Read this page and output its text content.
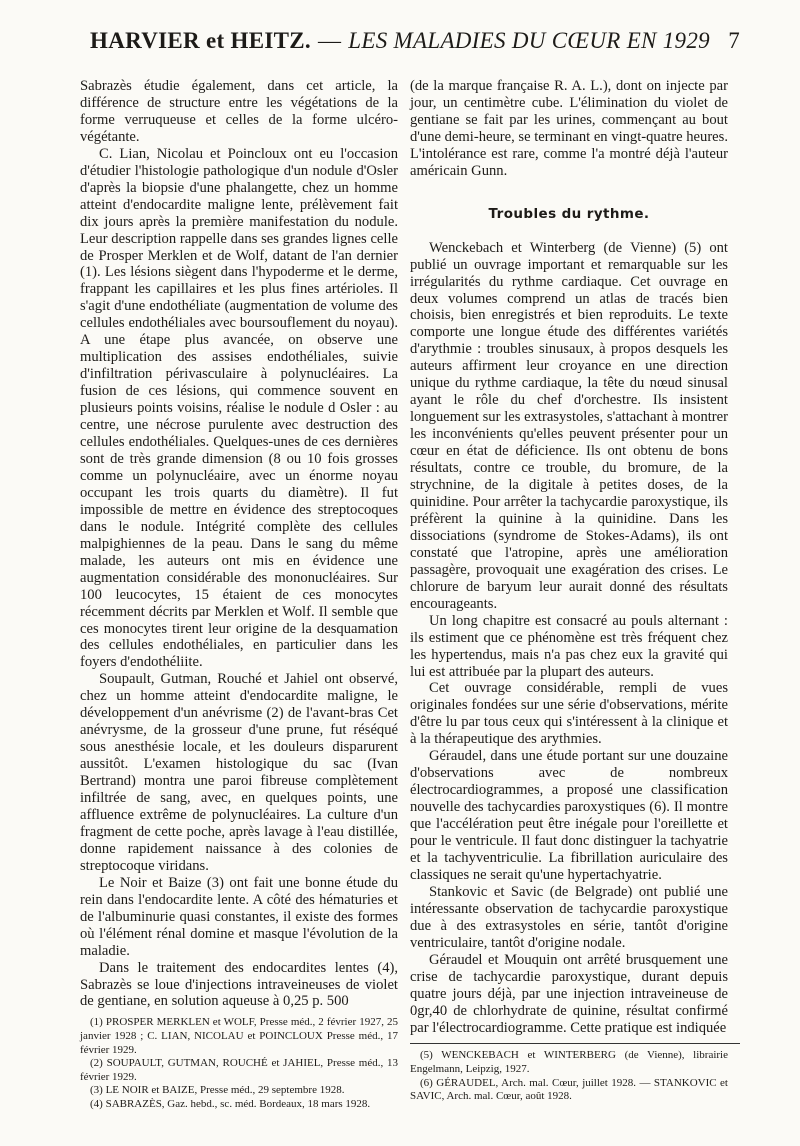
HARVIER et HEITZ. — LES MALADIES DU CŒUR EN 1929 7

Sabrazès étudie également, dans cet article, la différence de structure entre les végétations de la forme verruqueuse et celles de la forme ulcéro-végétante.

C. Lian, Nicolau et Poincloux ont eu l'occasion d'étudier l'histologie pathologique d'un nodule d'Osler d'après la biopsie d'une phalangette, chez un homme atteint d'endocardite maligne lente, prélèvement fait dix jours après la première manifestation du nodule. Leur description rappelle dans ses grandes lignes celle de Prosper Merklen et de Wolf, datant de l'an dernier (1). Les lésions siègent dans l'hypoderme et le derme, frappant les capillaires et les plus fines artérioles. Il s'agit d'une endothéliate (augmentation de volume des cellules endothéliales avec boursouflement du noyau). A une étape plus avancée, on observe une multiplication des assises endothéliales, suivie d'infiltration périvasculaire à polynucléaires. La fusion de ces lésions, qui commence souvent en plusieurs points voisins, réalise le nodule d Osler : au centre, une nécrose purulente avec destruction des cellules endothéliales. Quelques-unes de ces dernières sont de très grande dimension (8 ou 10 fois grosses comme un polynucléaire, avec un énorme noyau occupant les trois quarts du diamètre). Il fut impossible de mettre en évidence des streptocoques dans le nodule. Intégrité complète des cellules malpighiennes de la peau. Dans le sang du même malade, les auteurs ont mis en évidence une augmentation considérable des mononucléaires. Sur 100 leucocytes, 15 étaient de ces monocytes récemment décrits par Merklen et Wolf. Il semble que ces monocytes tirent leur origine de la desquamation des cellules endothéliales, en particulier dans les foyers d'endothéliite.

Soupault, Gutman, Rouché et Jahiel ont observé, chez un homme atteint d'endocardite maligne, le développement d'un anévrisme (2) de l'avant-bras Cet anévrysme, de la grosseur d'une prune, fut réséqué sous anesthésie locale, et les douleurs disparurent aussitôt. L'examen histologique du sac (Ivan Bertrand) montra une paroi fibreuse complètement infiltrée de sang, avec, en quelques points, une affluence extrême de polynucléaires. La culture d'un fragment de cette poche, après lavage à l'eau distillée, donne rapidement naissance à des colonies de streptocoque viridans.

Le Noir et Baize (3) ont fait une bonne étude du rein dans l'endocardite lente. A côté des hématuries et de l'albuminurie quasi constantes, il existe des formes où l'élément rénal domine et masque l'évolution de la maladie.

Dans le traitement des endocardites lentes (4), Sabrazès se loue d'injections intraveineuses de violet de gentiane, en solution aqueuse à 0,25 p. 500

(1) PROSPER MERKLEN et WOLF, Presse méd., 2 février 1927, 25 janvier 1928 ; C. LIAN, NICOLAU et POINCLOUX Presse méd., 17 février 1929.

(2) SOUPAULT, GUTMAN, ROUCHÉ et JAHIEL, Presse méd., 13 février 1929.

(3) LE NOIR et BAIZE, Presse méd., 29 septembre 1928.

(4) SABRAZÈS, Gaz. hebd., sc. méd. Bordeaux, 18 mars 1928.

(de la marque française R. A. L.), dont on injecte par jour, un centimètre cube. L'élimination du violet de gentiane se fait par les urines, commençant au bout d'une demi-heure, se terminant en vingt-quatre heures. L'intolérance est rare, comme l'a montré déjà l'auteur américain Gunn.

Troubles du rythme.

Wenckebach et Winterberg (de Vienne) (5) ont publié un ouvrage important et remarquable sur les irrégularités du rythme cardiaque. Cet ouvrage en deux volumes comprend un atlas de tracés bien choisis, bien enregistrés et bien reproduits. Le texte comporte une longue étude des différentes variétés d'arythmie : troubles sinusaux, à propos desquels les auteurs affirment leur croyance en une direction unique du rythme cardiaque, la tête du nœud sinusal ayant le rôle du chef d'orchestre. Ils insistent longuement sur les extrasystoles, s'attachant à montrer les inconvénients qu'elles peuvent présenter pour un cœur en état de déficience. Ils ont obtenu de bons résultats, contre ce trouble, du bromure, de la strychnine, de la digitale à petites doses, de la quinidine. Pour arrêter la tachycardie paroxystique, ils préfèrent la quinine à la quinidine. Dans les dissociations (syndrome de Stokes-Adams), ils ont constaté que l'atropine, après une amélioration passagère, provoquait une exagération des crises. Le chlorure de baryum leur aurait donné des résultats encourageants.

Un long chapitre est consacré au pouls alternant : ils estiment que ce phénomène est très fréquent chez les hypertendus, mais n'a pas chez eux la gravité qui lui est attribuée par la plupart des auteurs.

Cet ouvrage considérable, rempli de vues originales fondées sur une série d'observations, mérite d'être lu par tous ceux qui s'intéressent à la clinique et à la thérapeutique des arythmies.

Géraudel, dans une étude portant sur une douzaine d'observations avec de nombreux électrocardiogrammes, a proposé une classification nouvelle des tachycardies paroxystiques (6). Il montre que l'accélération peut être inégale pour l'oreillette et pour le ventricule. Il faut donc distinguer la tachyatrie et la tachyventriculie. La fibrillation auriculaire des classiques ne serait qu'une hypertachyatrie.

Stankovic et Savic (de Belgrade) ont publié une intéressante observation de tachycardie paroxystique due à des extrasystoles en série, tantôt d'origine ventriculaire, tantôt d'origine nodale.

Géraudel et Mouquin ont arrêté brusquement une crise de tachycardie paroxystique, durant depuis quatre jours déjà, par une injection intraveineuse de 0gr,40 de chlorhydrate de quinine, résultat confirmé par l'électrocardiogramme. Cette pratique est indiquée

(5) WENCKEBACH et WINTERBERG (de Vienne), librairie Engelmann, Leipzig, 1927.

(6) GÉRAUDEL, Arch. mal. Cœur, juillet 1928. — STANKOVIC et SAVIC, Arch. mal. Cœur, août 1928.
